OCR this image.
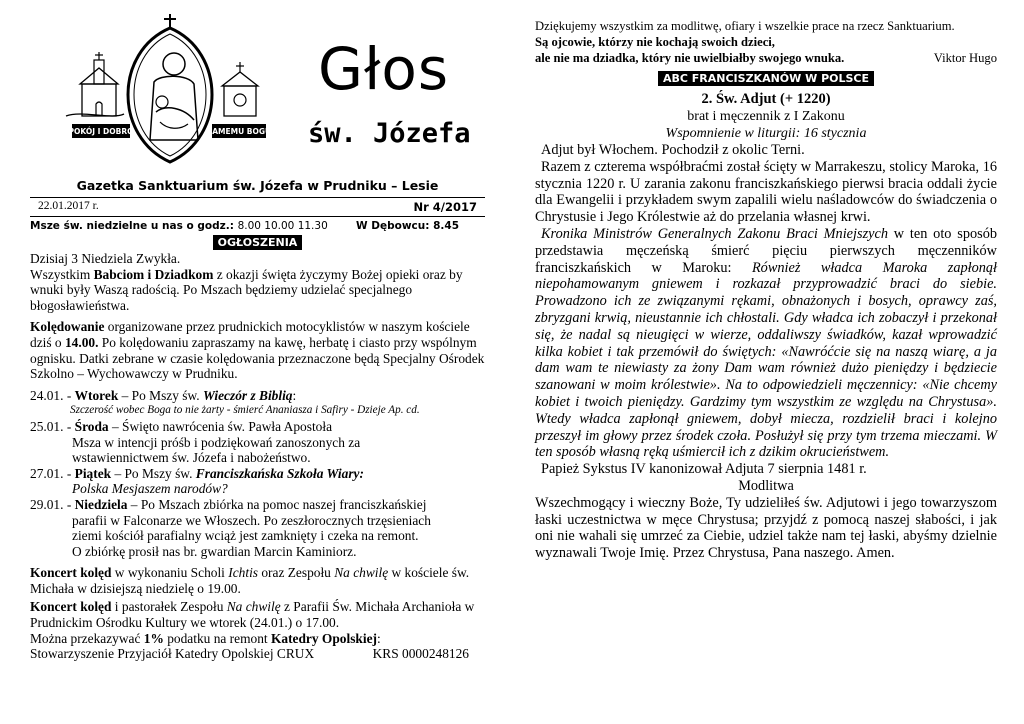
POKÓJ I DOBRO	SAMEMU BOGU
Głos
św. Józefa
Gazetka Sanktuarium św. Józefa w Prudniku – Lesie
22.01.2017 r.	Nr 4/2017
Msze św. niedzielne u nas o godz.: 8.00 10.00 11.30	W Dębowcu: 8.45
OGŁOSZENIA

Dzisiaj 3 Niedziela Zwykła.

Wszystkim Babciom i Dziadkom z okazji święta życzymy Bożej opieki oraz by wnuki były Waszą radością. Po Mszach będziemy udzielać specjalnego błogosławieństwa.

Kolędowanie organizowane przez prudnickich motocyklistów w naszym kościele dziś o 14.00. Po kolędowaniu zapraszamy na kawę, herbatę i ciasto przy wspólnym ognisku. Datki zebrane w czasie kolędowania przeznaczone będą Specjalny Ośrodek Szkolno – Wychowawczy w Prudniku.

24.01. - Wtorek – Po Mszy św. Wieczór z Biblią:

Szczerość wobec Boga to nie żarty - śmierć Ananiasza i Safiry - Dzieje Ap. cd.

25.01. - Środa – Święto nawrócenia św. Pawła Apostoła

Msza w intencji próśb i podziękowań zanoszonych za

wstawiennictwem św. Józefa i nabożeństwo.

27.01. - Piątek – Po Mszy św. Franciszkańska Szkoła Wiary:

Polska Mesjaszem narodów?

29.01. - Niedziela – Po Mszach zbiórka na pomoc naszej franciszkańskiej

parafii w Falconarze we Włoszech. Po zeszłorocznych trzęsieniach

ziemi kościół parafialny wciąż jest zamknięty i czeka na remont.

O zbiórkę prosił nas br. gwardian Marcin Kaminiorz.

Koncert kolęd w wykonaniu Scholi Ichtis oraz Zespołu Na chwilę w kościele św. Michała w dzisiejszą niedzielę o 19.00.

Koncert kolęd i pastorałek Zespołu Na chwilę z Parafii Św. Michała Archanioła w Prudnickim Ośrodku Kultury we wtorek (24.01.) o 17.00.

Można przekazywać 1% podatku na remont Katedry Opolskiej:

Stowarzyszenie Przyjaciół Katedry Opolskiej CRUX	KRS 0000248126

Dziękujemy wszystkim za modlitwę, ofiary i wszelkie prace na rzecz Sanktuarium.

Są ojcowie, którzy nie kochają swoich dzieci,

ale nie ma dziadka, który nie uwielbiałby swojego wnuka.	Viktor Hugo
ABC FRANCISZKANÓW W POLSCE
2. Św. Adjut (+ 1220)
brat i męczennik z I Zakonu
Wspomnienie w liturgii: 16 stycznia

Adjut był Włochem. Pochodził z okolic Terni.

Razem z czterema współbraćmi został ścięty w Marrakeszu, stolicy Maroka, 16 stycznia 1220 r. U zarania zakonu franciszkańskiego pierwsi bracia oddali życie dla Ewangelii i przykładem swym zapalili wielu naśladowców do świadczenia o Chrystusie i Jego Królestwie aż do przelania własnej krwi.

Kronika Ministrów Generalnych Zakonu Braci Mniejszych w ten oto sposób przedstawia męczeńską śmierć pięciu pierwszych męczenników franciszkańskich w Maroku: Również władca Maroka zapłonął niepohamowanym gniewem i rozkazał przyprowadzić braci do siebie. Prowadzono ich ze związanymi rękami, obnażonych i bosych, oprawcy zaś, zbryzgani krwią, nieustannie ich chłostali. Gdy władca ich zobaczył i przekonał się, że nadal są nieugięci w wierze, oddaliwszy świadków, kazał wprowadzić kilka kobiet i tak przemówił do świętych: «Nawróćcie się na naszą wiarę, a ja dam wam te niewiasty za żony Dam wam również dużo pieniędzy i będziecie szanowani w moim królestwie». Na to odpowiedzieli męczennicy: «Nie chcemy kobiet i twoich pieniędzy. Gardzimy tym wszystkim ze względu na Chrystusa». Wtedy władca zapłonął gniewem, dobył miecza, rozdzielił braci i kolejno przeszył im głowy przez środek czoła. Posłużył się przy tym trzema mieczami. W ten sposób własną ręką uśmiercił ich z dzikim okrucieństwem.

Papież Sykstus IV kanonizował Adjuta 7 sierpnia 1481 r.

Modlitwa

Wszechmogący i wieczny Boże, Ty udzieliłeś św. Adjutowi i jego towarzyszom łaski uczestnictwa w męce Chrystusa; przyjdź z pomocą naszej słabości, i jak oni nie wahali się umrzeć za Ciebie, udziel także nam tej łaski, abyśmy dzielnie wyznawali Twoje Imię. Przez Chrystusa, Pana naszego. Amen.
